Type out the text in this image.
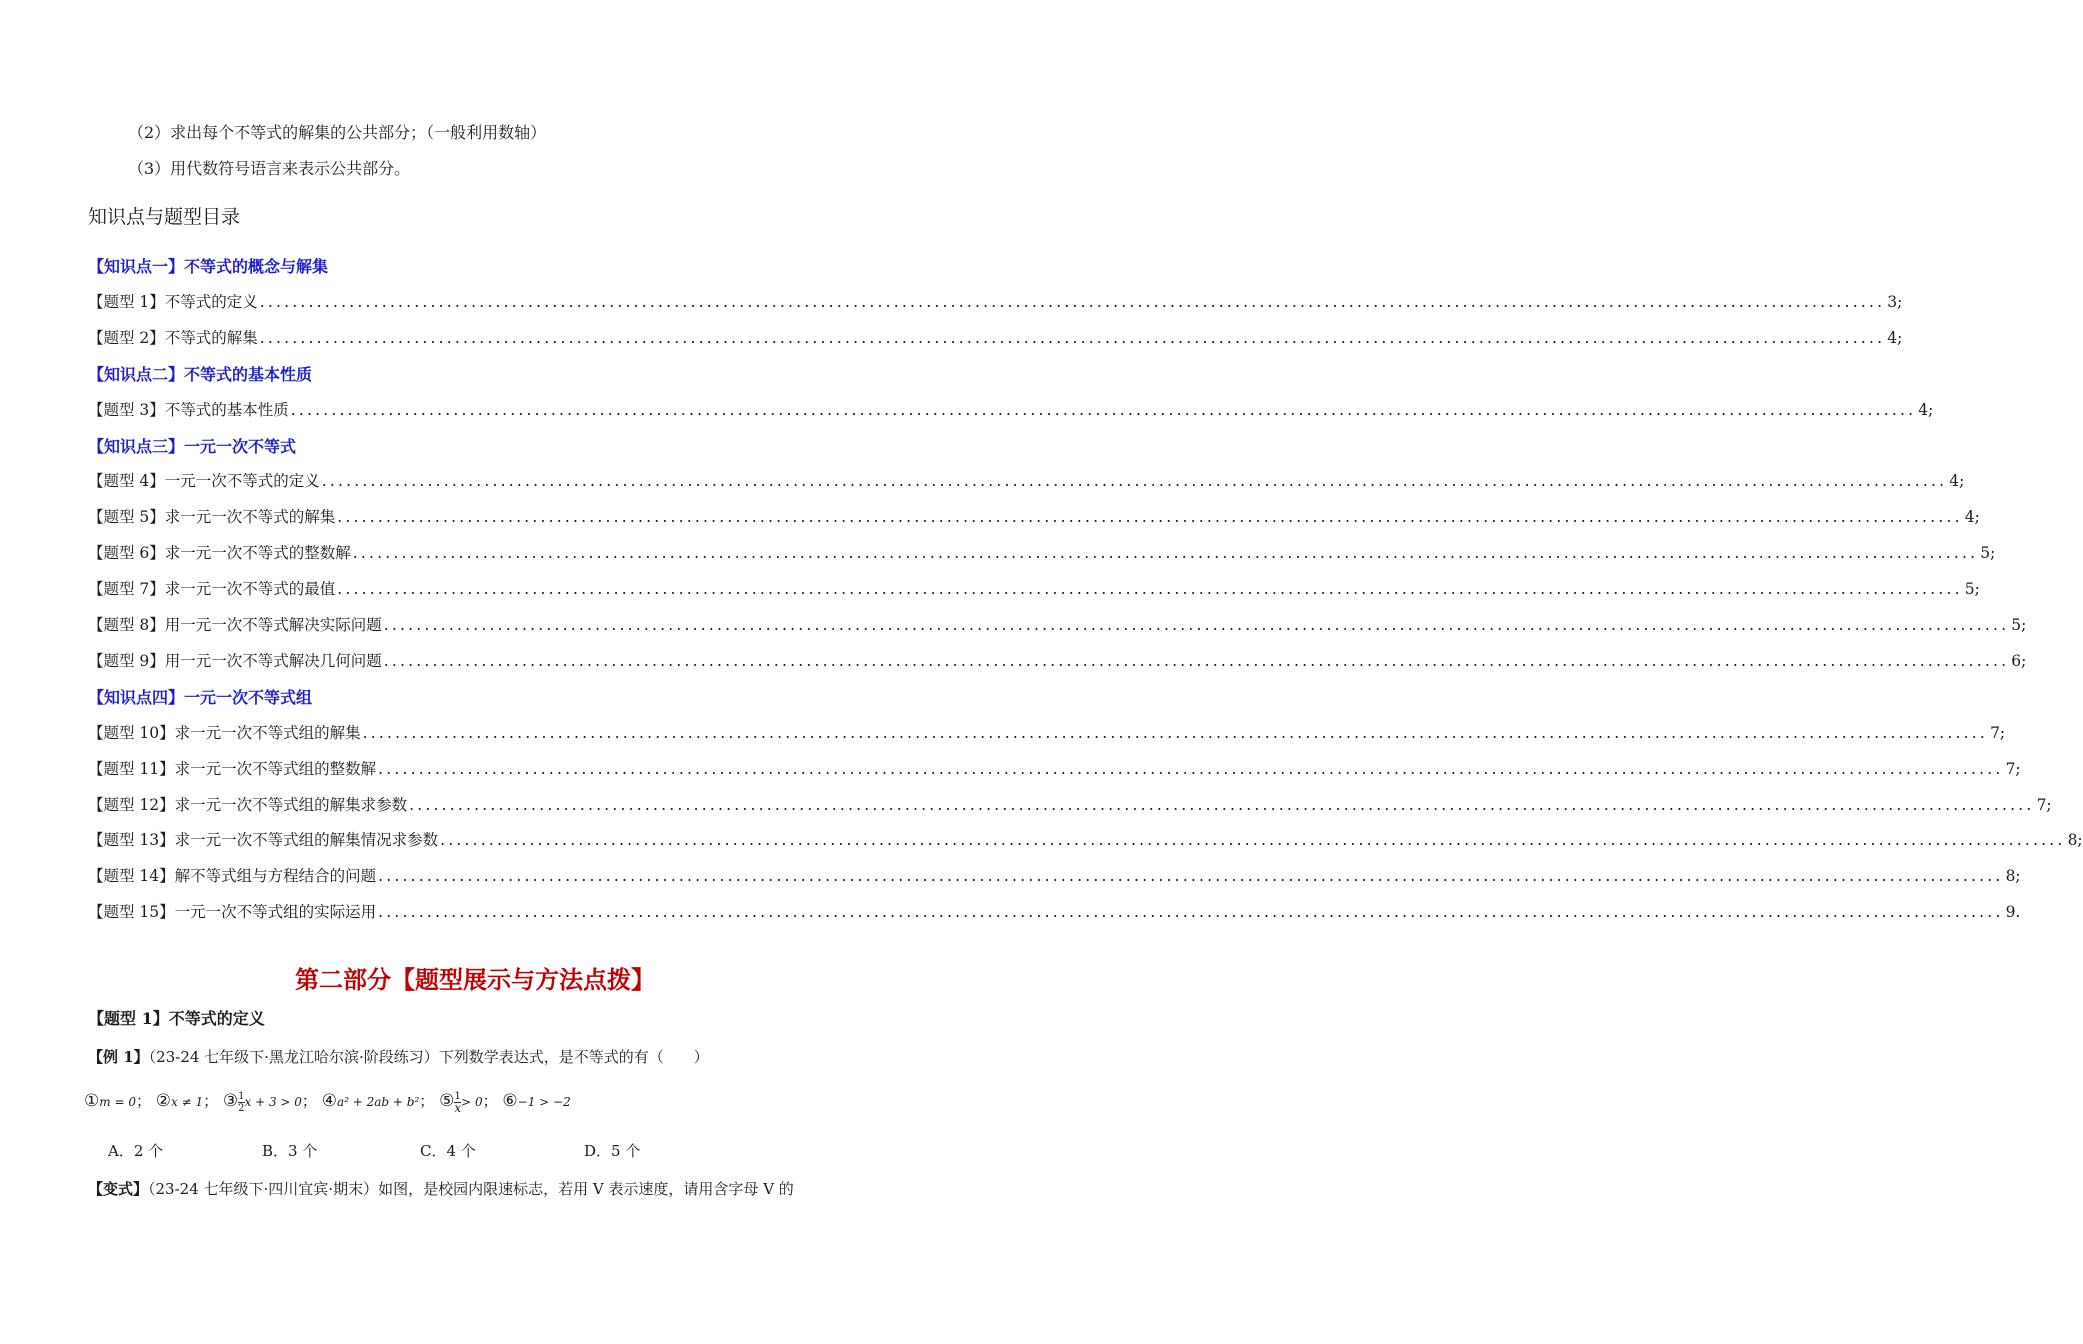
（2）求出每个不等式的解集的公共部分；（一般利用数轴）
（3）用代数符号语言来表示公共部分。
知识点与题型目录
【知识点一】不等式的概念与解集
【题型 1】不等式的定义 ........................................................................................................................................................................................................ 3;
【题型 2】不等式的解集 ........................................................................................................................................................................................................ 4;
【知识点二】不等式的基本性质
【题型 3】不等式的基本性质 ........................................................................................................................................................................................................ 4;
【知识点三】一元一次不等式
【题型 4】一元一次不等式的定义 ........................................................................................................................................................................................................ 4;
【题型 5】求一元一次不等式的解集 ........................................................................................................................................................................................................ 4;
【题型 6】求一元一次不等式的整数解 ........................................................................................................................................................................................................ 5;
【题型 7】求一元一次不等式的最值 ........................................................................................................................................................................................................ 5;
【题型 8】用一元一次不等式解决实际问题 ........................................................................................................................................................................................................ 5;
【题型 9】用一元一次不等式解决几何问题 ........................................................................................................................................................................................................ 6;
【知识点四】一元一次不等式组
【题型 10】求一元一次不等式组的解集 ........................................................................................................................................................................................................ 7;
【题型 11】求一元一次不等式组的整数解 ........................................................................................................................................................................................................ 7;
【题型 12】求一元一次不等式组的解集求参数 ........................................................................................................................................................................................................ 7;
【题型 13】求一元一次不等式组的解集情况求参数 ........................................................................................................................................................................................................ 8;
【题型 14】解不等式组与方程结合的问题 ........................................................................................................................................................................................................ 8;
【题型 15】一元一次不等式组的实际运用 ........................................................................................................................................................................................................ 9.
第二部分【题型展示与方法点拨】
【题型 1】不等式的定义
【例 1】（23-24 七年级下·黑龙江哈尔滨·阶段练习）下列数学表达式，是不等式的有（　　）
①m = 0； ②x ≠ 1； ③ $\frac{1}{2}$ x + 3 > 0； ④a² + 2ab + b²； ⑤ $\frac{1}{x} > 0$； ⑥−1 > −2
A．2 个	B．3 个	C．4 个	D．5 个
【变式】（23-24 七年级下·四川宜宾·期末）如图，是校园内限速标志，若用 V 表示速度，请用含字母 V 的
